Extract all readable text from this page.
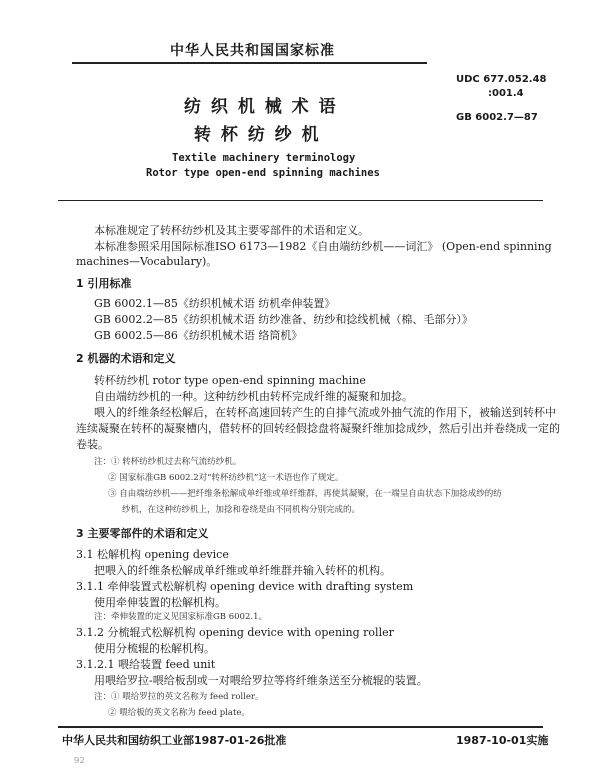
中华人民共和国国家标准
UDC 677.052.48
:001.4
GB 6002.7—87
纺 织 机 械 术 语
转 杯 纺 纱 机
Textile machinery terminology
Rotor type open-end spinning machines
本标准规定了转杯纺纱机及其主要零部件的术语和定义。
本标准参照采用国际标准ISO 6173—1982《自由端纺纱机——词汇》 (Open-end spinning
machines—Vocabulary)。
1 引用标准
GB 6002.1—85《纺织机械术语 纺机牵伸装置》
GB 6002.2—85《纺织机械术语 纺纱准备、纺纱和捻线机械（棉、毛部分）》
GB 6002.5—86《纺织机械术语 络筒机》
2 机器的术语和定义
转杯纺纱机 rotor type open-end spinning machine
自由端纺纱机的一种。这种纺纱机由转杯完成纤维的凝聚和加捻。
喂入的纤维条经松解后，在转杯高速回转产生的自排气流或外抽气流的作用下，被输送到转杯中
连续凝聚在转杯的凝聚槽内，借转杯的回转经假捻盘将凝聚纤维加捻成纱，然后引出并卷绕成一定的
卷装。
注：① 转杯纺纱机过去称气流纺纱机。
② 国家标准GB 6002.2对“转杯纺纱机”这一术语也作了规定。
③ 自由端纺纱机——把纤维条松解成单纤维或单纤维群，再使其凝聚，在一端呈自由状态下加捻成纱的纺
纱机，在这种纺纱机上，加捻和卷绕是由不同机构分别完成的。
3 主要零部件的术语和定义
3.1 松解机构 opening device
把喂入的纤维条松解成单纤维或单纤维群并输入转杯的机构。
3.1.1 牵伸装置式松解机构 opening device with drafting system
使用牵伸装置的松解机构。
注：牵伸装置的定义见国家标准GB 6002.1。
3.1.2 分梳辊式松解机构 opening device with opening roller
使用分梳辊的松解机构。
3.1.2.1 喂给装置 feed unit
用喂给罗拉-喂给板刮或一对喂给罗拉等将纤维条送至分梳辊的装置。
注：① 喂给罗拉的英文名称为 feed roller。
② 喂给板的英文名称为 feed plate。
中华人民共和国纺织工业部1987-01-26批准	1987-10-01实施
92
